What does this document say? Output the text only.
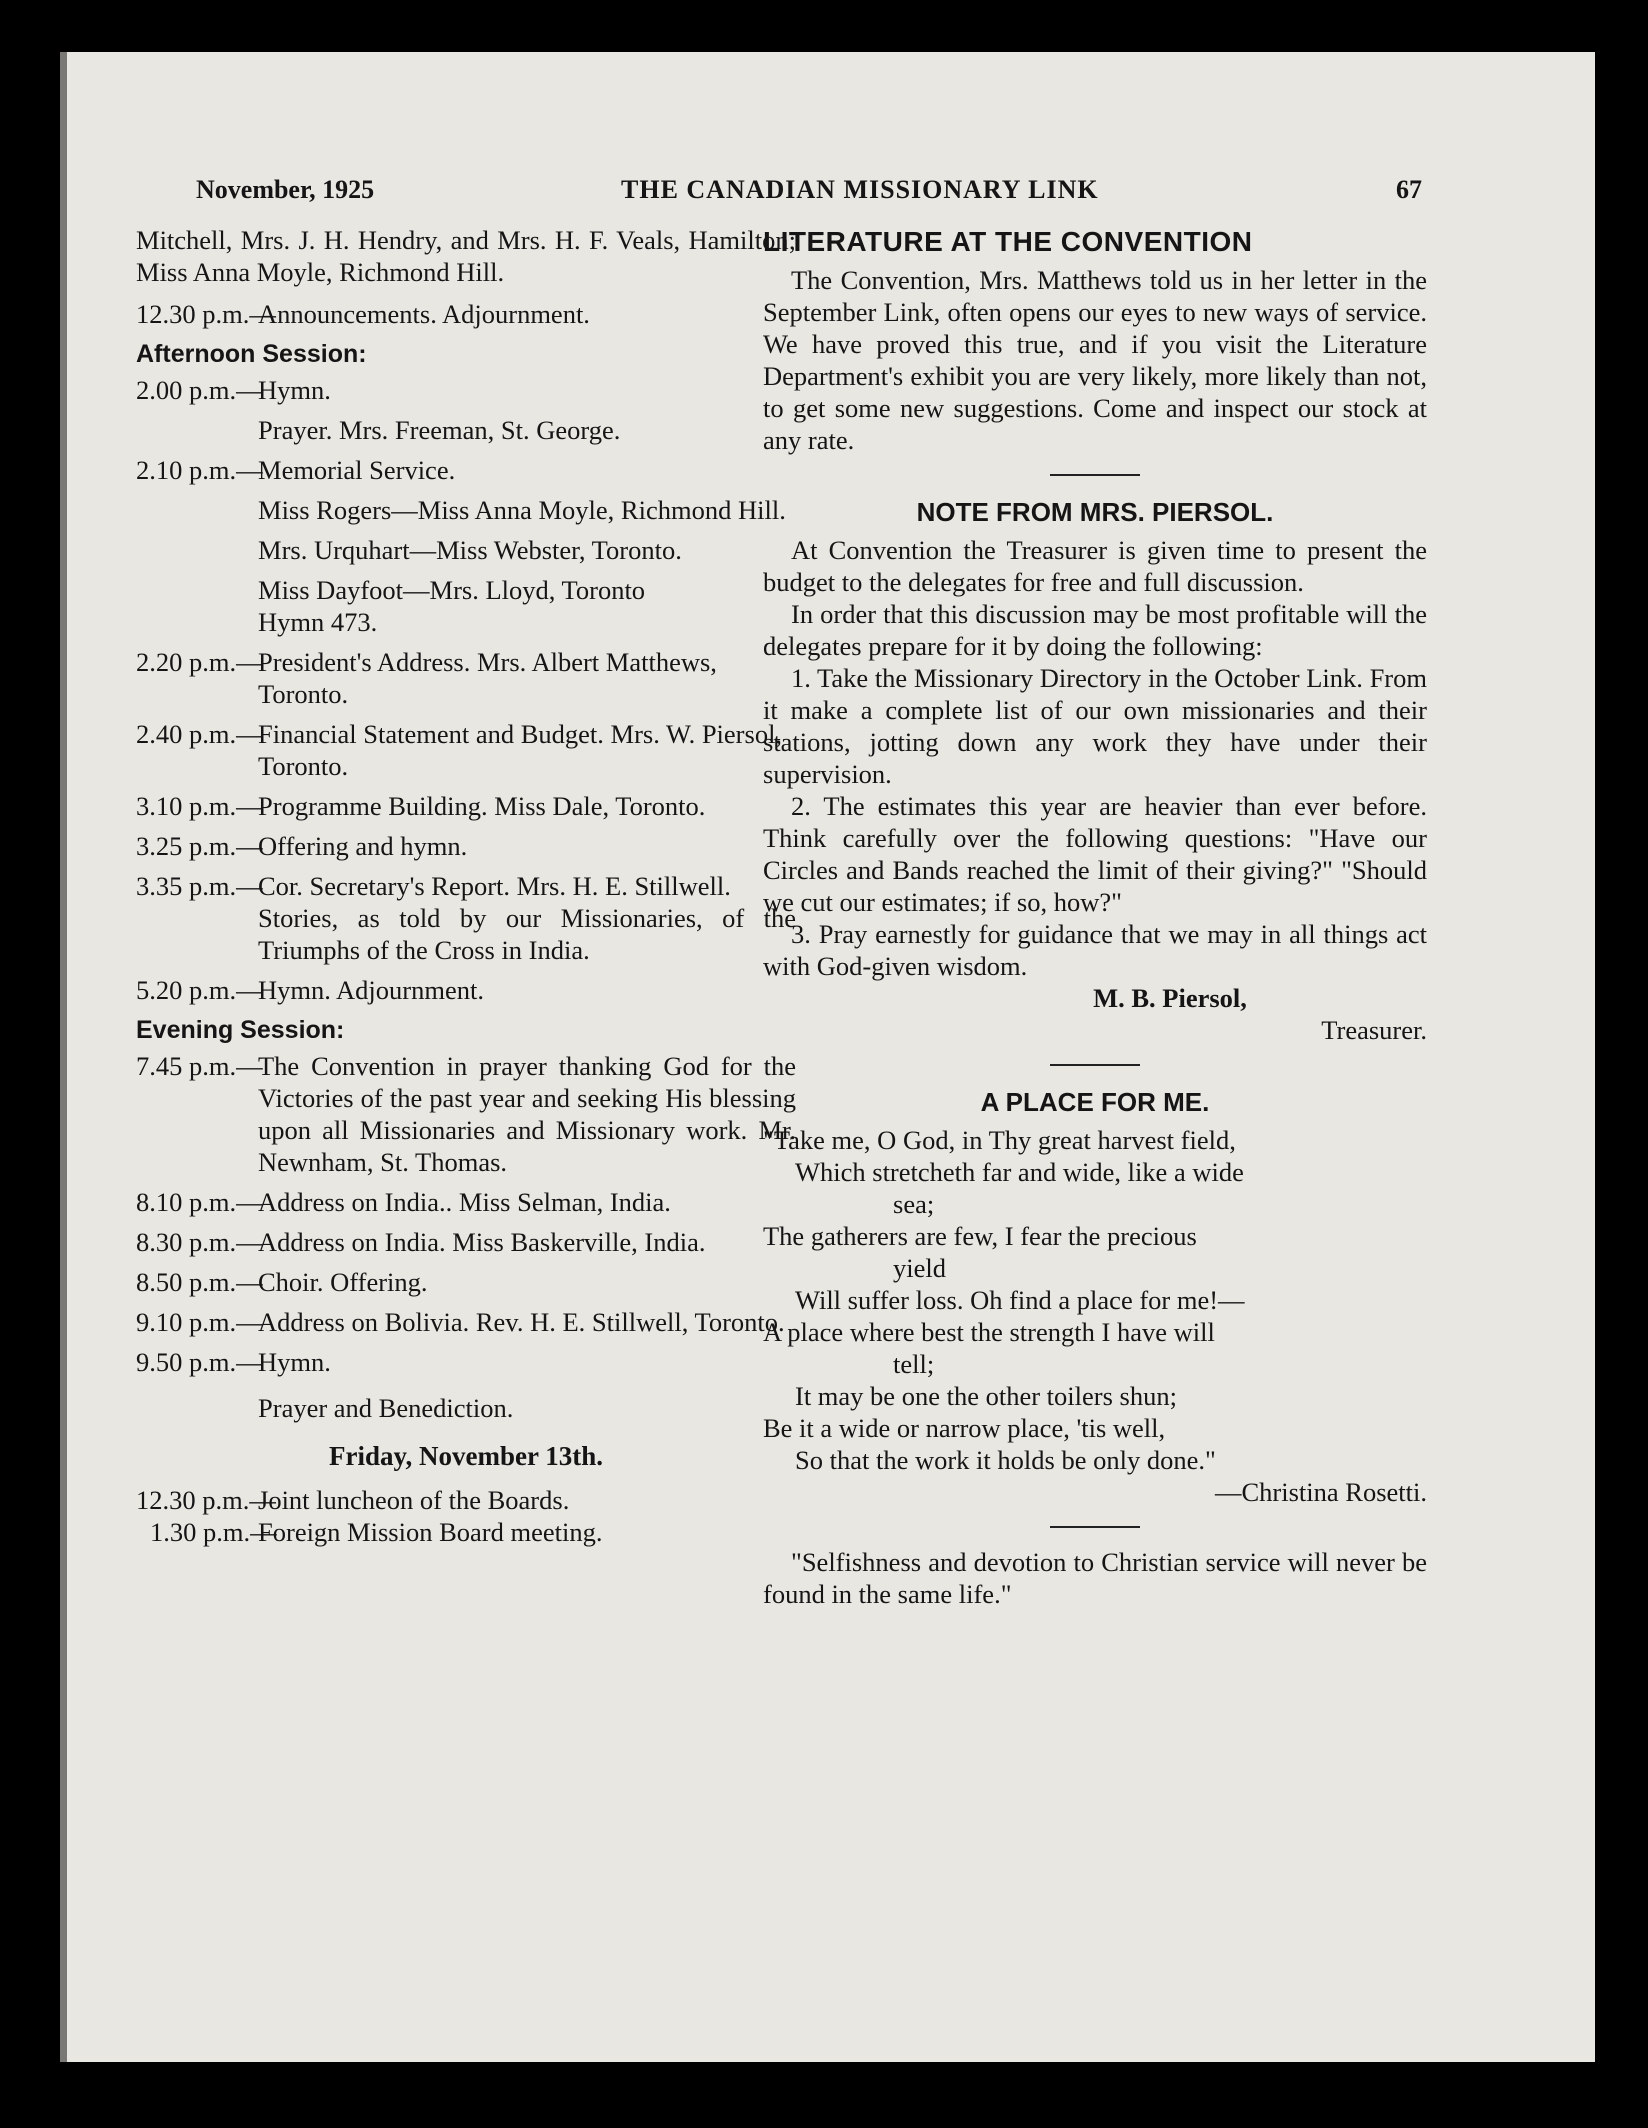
November, 1925	THE CANADIAN MISSIONARY LINK	67

Mitchell, Mrs. J. H. Hendry, and Mrs. H. F. Veals, Hamilton; Miss Anna Moyle, Richmond Hill.

12.30 p.m.—
Announcements. Adjournment.
Afternoon Session:
2.00 p.m.—
Hymn.
Prayer. Mrs. Freeman, St. George.
2.10 p.m.—
Memorial Service.
Miss Rogers—Miss Anna Moyle, Richmond Hill.
Mrs. Urquhart—Miss Webster, Toronto.
Miss Dayfoot—Mrs. Lloyd, Toronto
Hymn 473.
2.20 p.m.—
President's Address. Mrs. Albert Matthews, Toronto.
2.40 p.m.—
Financial Statement and Budget. Mrs. W. Piersol, Toronto.
3.10 p.m.—
Programme Building. Miss Dale, Toronto.
3.25 p.m.—
Offering and hymn.
3.35 p.m.—
Cor. Secretary's Report. Mrs. H. E. Stillwell.
Stories, as told by our Missionaries, of the Triumphs of the Cross in India.
5.20 p.m.—
Hymn. Adjournment.
Evening Session:
7.45 p.m.—
The Convention in prayer thanking God for the Victories of the past year and seeking His blessing upon all Missionaries and Missionary work. Mr. Newnham, St. Thomas.
8.10 p.m.—
Address on India.. Miss Selman, India.
8.30 p.m.—
Address on India. Miss Baskerville, India.
8.50 p.m.—
Choir. Offering.
9.10 p.m.—
Address on Bolivia. Rev. H. E. Stillwell, Toronto.
9.50 p.m.—
Hymn.
Prayer and Benediction.
Friday, November 13th.
12.30 p.m.—
Joint luncheon of the Boards.
1.30 p.m.—
Foreign Mission Board meeting.
LITERATURE AT THE CONVENTION

The Convention, Mrs. Matthews told us in her letter in the September Link, often opens our eyes to new ways of service. We have proved this true, and if you visit the Literature Department's exhibit you are very likely, more likely than not, to get some new suggestions. Come and inspect our stock at any rate.

NOTE FROM MRS. PIERSOL.

At Convention the Treasurer is given time to present the budget to the delegates for free and full discussion.

In order that this discussion may be most profitable will the delegates prepare for it by doing the following:

1. Take the Missionary Directory in the October Link. From it make a complete list of our own missionaries and their stations, jotting down any work they have under their supervision.

2. The estimates this year are heavier than ever before. Think carefully over the following questions: "Have our Circles and Bands reached the limit of their giving?" "Should we cut our estimates; if so, how?"

3. Pray earnestly for guidance that we may in all things act with God-given wisdom.

M. B. Piersol,
Treasurer.
A PLACE FOR ME.

"Take me, O God, in Thy great harvest field,

Which stretcheth far and wide, like a wide

sea;

The gatherers are few, I fear the precious

yield

Will suffer loss. Oh find a place for me!—

A place where best the strength I have will

tell;

It may be one the other toilers shun;

Be it a wide or narrow place, 'tis well,

So that the work it holds be only done."

—Christina Rosetti.

"Selfishness and devotion to Christian service will never be found in the same life."
